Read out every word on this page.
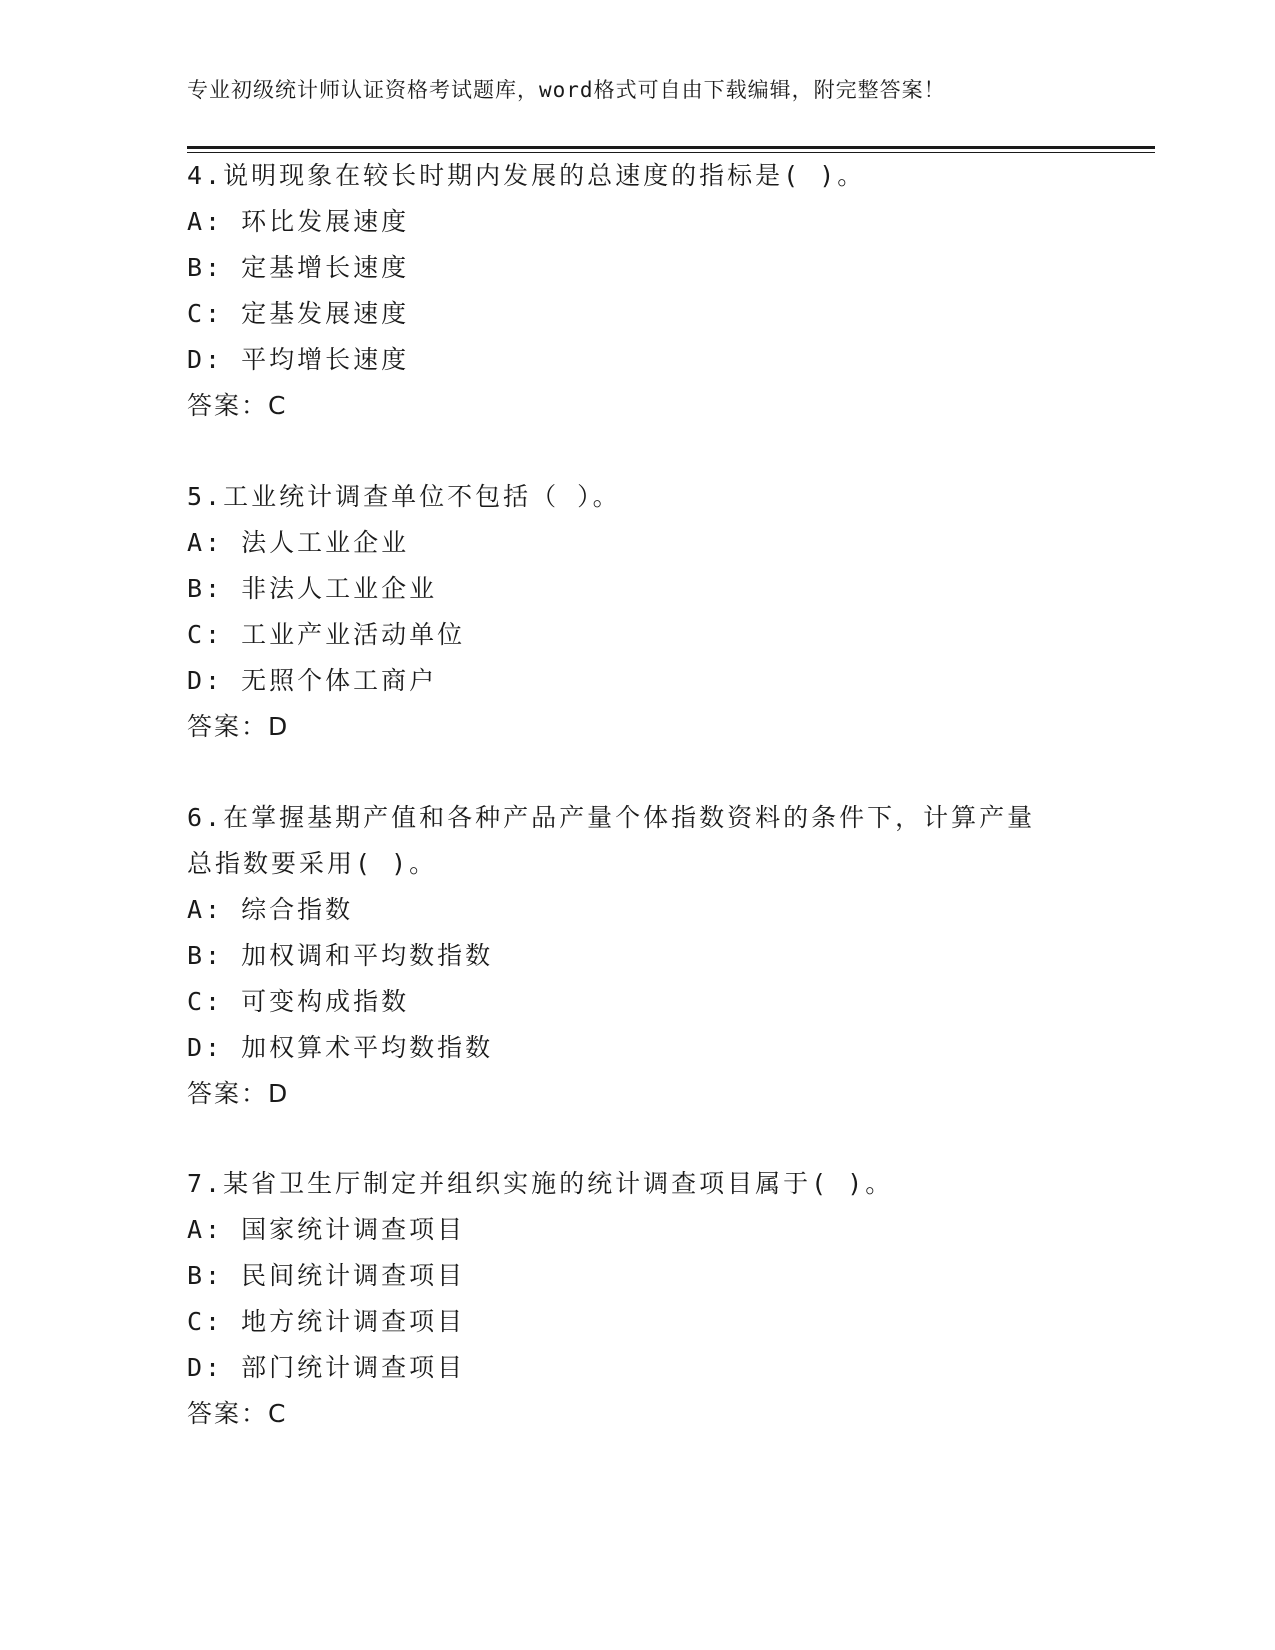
专业初级统计师认证资格考试题库，word格式可自由下载编辑，附完整答案！
4.说明现象在较长时期内发展的总速度的指标是( )。
A: 环比发展速度
B: 定基增长速度
C: 定基发展速度
D: 平均增长速度
答案：C
5.工业统计调查单位不包括（ ）。
A: 法人工业企业
B: 非法人工业企业
C: 工业产业活动单位
D: 无照个体工商户
答案：D
6.在掌握基期产值和各种产品产量个体指数资料的条件下，计算产量
总指数要采用( )。
A: 综合指数
B: 加权调和平均数指数
C: 可变构成指数
D: 加权算术平均数指数
答案：D
7.某省卫生厅制定并组织实施的统计调查项目属于( )。
A: 国家统计调查项目
B: 民间统计调查项目
C: 地方统计调查项目
D: 部门统计调查项目
答案：C
